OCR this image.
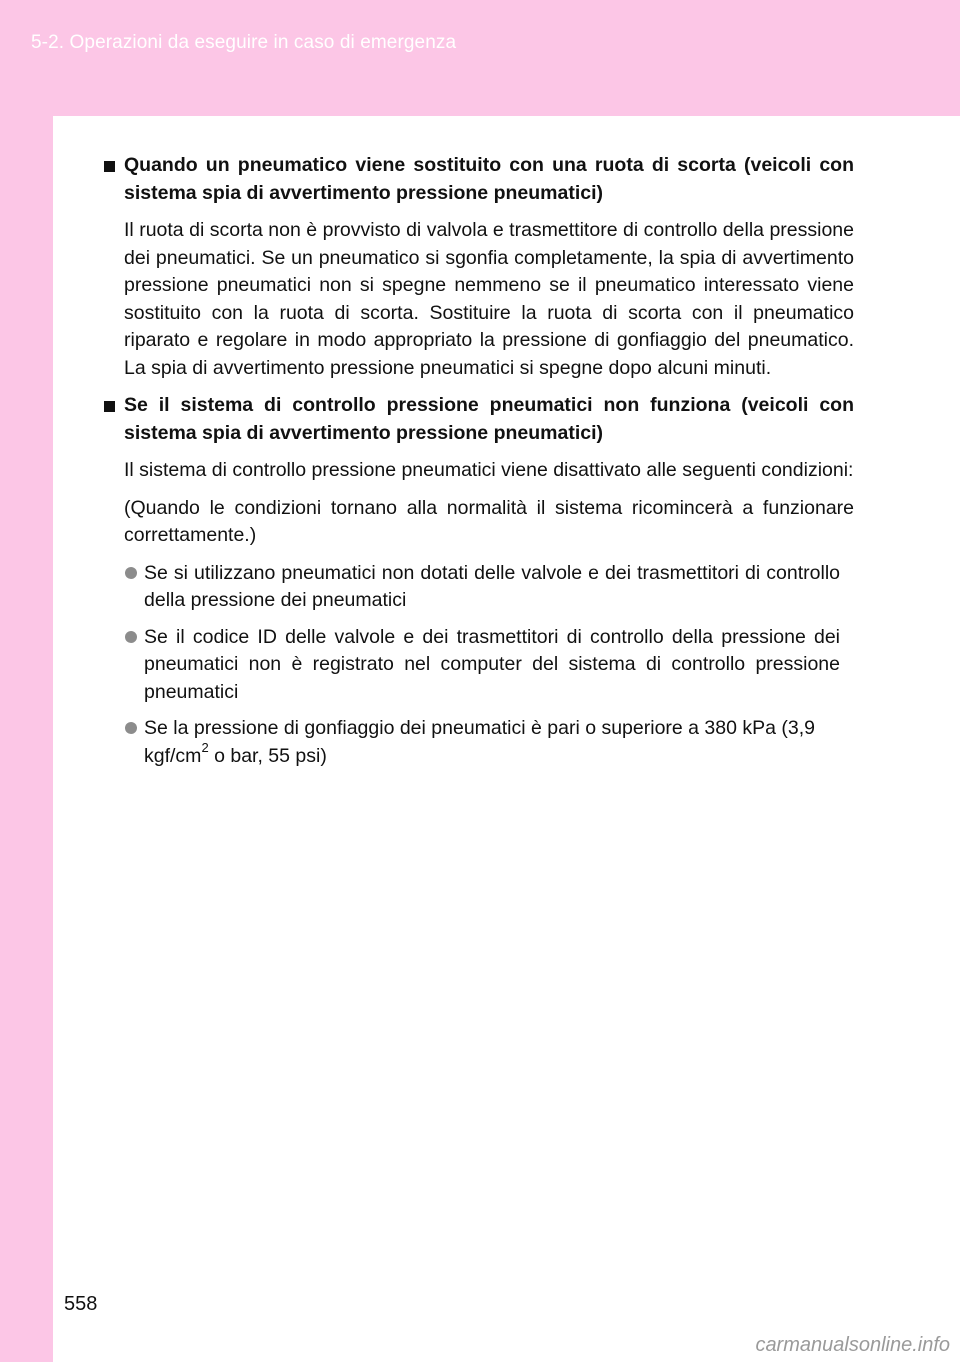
5-2. Operazioni da eseguire in caso di emergenza
Quando un pneumatico viene sostituito con una ruota di scorta (veicoli con sistema spia di avvertimento pressione pneumatici)
Il ruota di scorta non è provvisto di valvola e trasmettitore di controllo della pressione dei pneumatici. Se un pneumatico si sgonfia completamente, la spia di avvertimento pressione pneumatici non si spegne nemmeno se il pneumatico interessato viene sostituito con la ruota di scorta. Sostituire la ruota di scorta con il pneumatico riparato e regolare in modo appropriato la pressione di gonfiaggio del pneumatico. La spia di avvertimento pressione pneumatici si spegne dopo alcuni minuti.
Se il sistema di controllo pressione pneumatici non funziona (veicoli con sistema spia di avvertimento pressione pneumatici)
Il sistema di controllo pressione pneumatici viene disattivato alle seguenti condizioni:
(Quando le condizioni tornano alla normalità il sistema ricomincerà a funzionare correttamente.)
Se si utilizzano pneumatici non dotati delle valvole e dei trasmettitori di controllo della pressione dei pneumatici
Se il codice ID delle valvole e dei trasmettitori di controllo della pressione dei pneumatici non è registrato nel computer del sistema di controllo pressione pneumatici
Se la pressione di gonfiaggio dei pneumatici è pari o superiore a 380 kPa (3,9 kgf/$cm^2$ o bar, 55 psi)
558
carmanualsonline.info
